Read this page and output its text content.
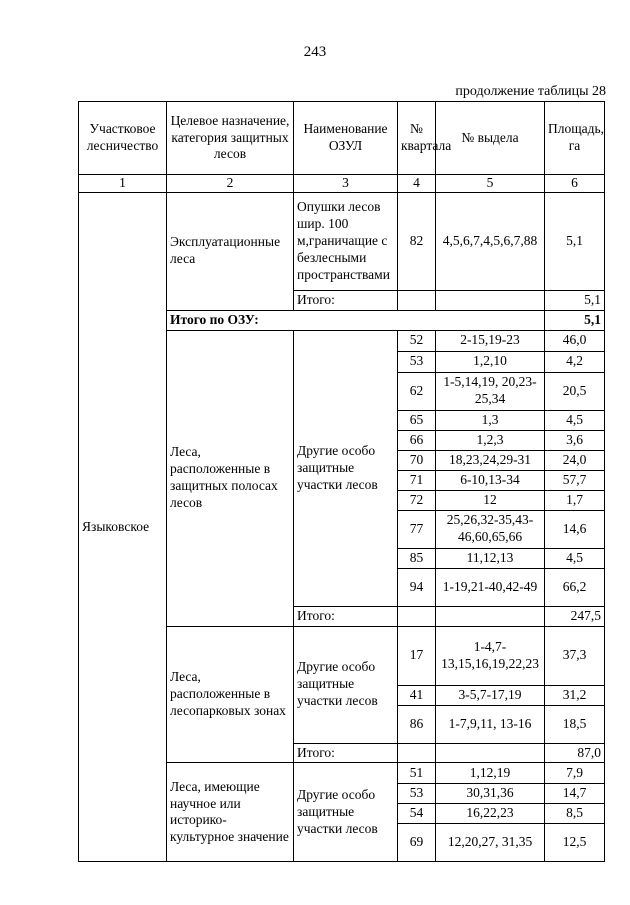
243
продолжение таблицы 28
Участковое лесничество	Целевое назначение, категория защитных лесов	Наименование ОЗУЛ	№ квартала	№ выдела	Площадь, га
1	2	3	4	5	6
Языковское	Эксплуатационные леса	Опушки лесов шир. 100 м,граничащие с безлесными пространствами	82	4,5,6,7,4,5,6,7,88	5,1
		Итого:			5,1
	Итого по ОЗУ:				5,1
	Леса, расположенные в защитных полосах лесов	Другие особо защитные участки лесов	52	2-15,19-23	46,0
			53	1,2,10	4,2
			62	1-5,14,19, 20,23-25,34	20,5
			65	1,3	4,5
			66	1,2,3	3,6
			70	18,23,24,29-31	24,0
			71	6-10,13-34	57,7
			72	12	1,7
			77	25,26,32-35,43-46,60,65,66	14,6
			85	11,12,13	4,5
			94	1-19,21-40,42-49	66,2
		Итого:			247,5
	Леса, расположенные в лесопарковых зонах	Другие особо защитные участки лесов	17	1-4,7-13,15,16,19,22,23	37,3
			41	3-5,7-17,19	31,2
			86	1-7,9,11, 13-16	18,5
		Итого:			87,0
	Леса, имеющие научное или историко-культурное значение	Другие особо защитные участки лесов	51	1,12,19	7,9
			53	30,31,36	14,7
			54	16,22,23	8,5
			69	12,20,27, 31,35	12,5
